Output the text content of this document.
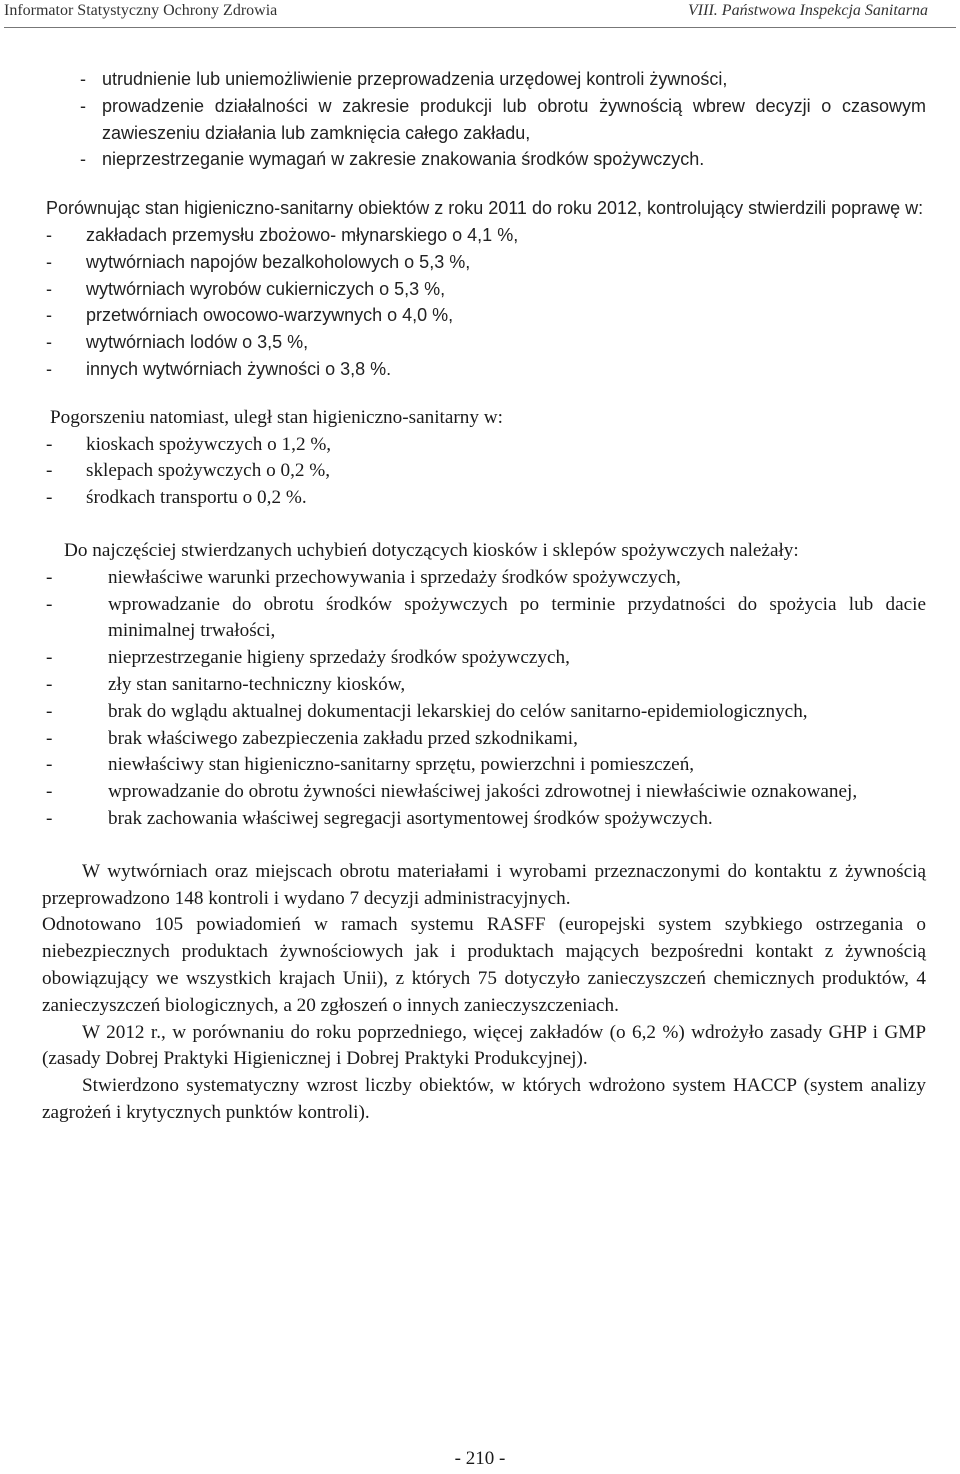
Informator Statystyczny Ochrony Zdrowia	VIII. Państwowa Inspekcja Sanitarna
- utrudnienie lub uniemożliwienie przeprowadzenia urzędowej kontroli żywności,
- prowadzenie działalności w zakresie produkcji lub obrotu żywnością wbrew decyzji o czasowym zawieszeniu działania lub zamknięcia całego zakładu,
- nieprzestrzeganie wymagań w zakresie znakowania środków spożywczych.

Porównując stan higieniczno-sanitarny obiektów z roku 2011 do roku 2012, kontrolujący stwierdzili poprawę w:

- zakładach przemysłu zbożowo- młynarskiego o 4,1 %,
- wytwórniach napojów bezalkoholowych o 5,3 %,
- wytwórniach wyrobów cukierniczych o 5,3 %,
- przetwórniach owocowo-warzywnych o 4,0 %,
- wytwórniach lodów o 3,5 %,
- innych wytwórniach żywności o 3,8 %.

Pogorszeniu natomiast, uległ stan higieniczno-sanitarny w:

- kioskach spożywczych o 1,2 %,
- sklepach spożywczych o 0,2 %,
- środkach transportu o 0,2 %.

Do najczęściej stwierdzanych uchybień dotyczących kiosków i sklepów spożywczych należały:

- niewłaściwe warunki przechowywania i sprzedaży środków spożywczych,
- wprowadzanie do obrotu środków spożywczych po terminie przydatności do spożycia lub dacie minimalnej trwałości,
- nieprzestrzeganie higieny sprzedaży środków spożywczych,
- zły stan sanitarno-techniczny kiosków,
- brak do wglądu aktualnej dokumentacji lekarskiej do celów sanitarno-epidemiologicznych,
- brak właściwego zabezpieczenia zakładu przed szkodnikami,
- niewłaściwy stan higieniczno-sanitarny sprzętu, powierzchni i pomieszczeń,
- wprowadzanie do obrotu żywności niewłaściwej jakości zdrowotnej i niewłaściwie oznakowanej,
- brak zachowania właściwej segregacji asortymentowej środków spożywczych.

W wytwórniach oraz miejscach obrotu materiałami i wyrobami przeznaczonymi do kontaktu z żywnością przeprowadzono 148 kontroli i wydano 7 decyzji administracyjnych.

Odnotowano 105 powiadomień w ramach systemu RASFF (europejski system szybkiego ostrzegania o niebezpiecznych produktach żywnościowych jak i produktach mających bezpośredni kontakt z żywnością obowiązujący we wszystkich krajach Unii), z których 75 dotyczyło zanieczyszczeń chemicznych produktów, 4 zanieczyszczeń biologicznych, a 20 zgłoszeń o innych zanieczyszczeniach.

W 2012 r., w porównaniu do roku poprzedniego, więcej zakładów (o 6,2 %) wdrożyło zasady GHP i GMP (zasady Dobrej Praktyki Higienicznej i Dobrej Praktyki Produkcyjnej).

Stwierdzono systematyczny wzrost liczby obiektów, w których wdrożono system HACCP (system analizy zagrożeń i krytycznych punktów kontroli).

- 210 -
